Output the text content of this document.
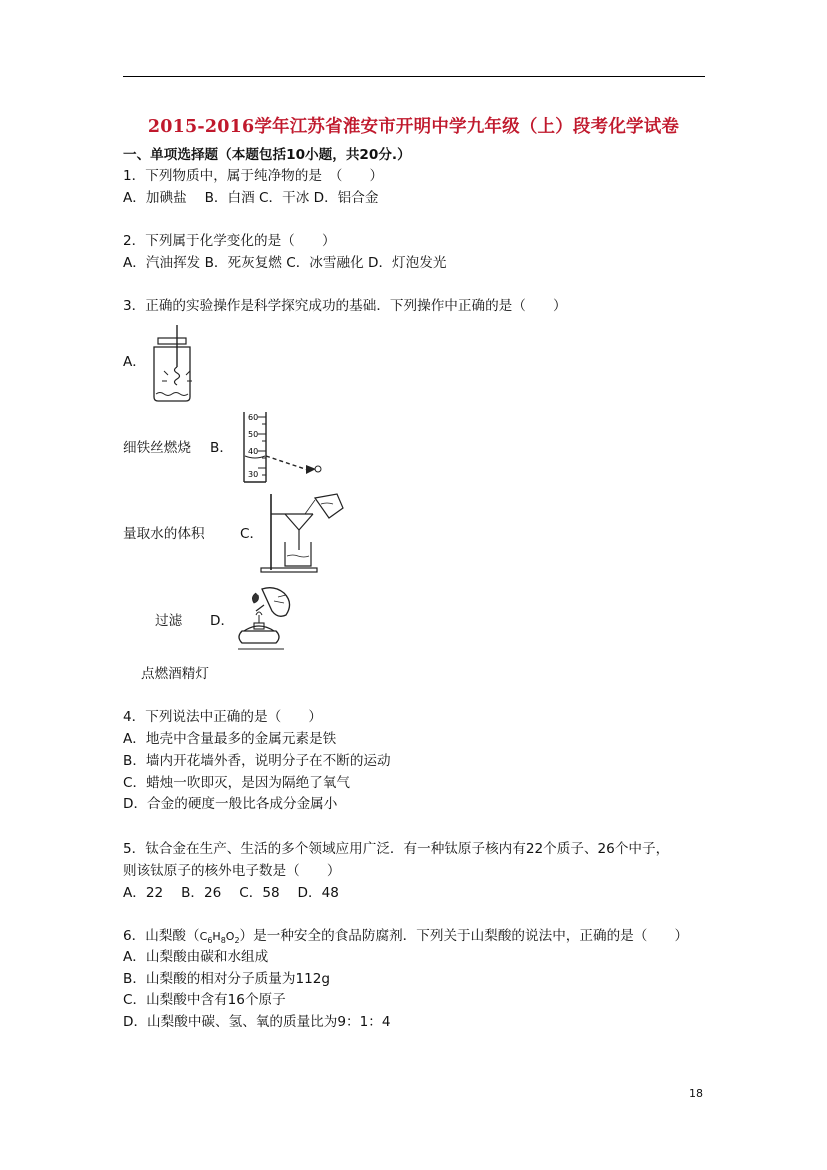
2015-2016学年江苏省淮安市开明中学九年级（上）段考化学试卷
一、单项选择题（本题包括10小题，共20分.）
1．下列物质中，属于纯净物的是　（　　）
A．加碘盐　 B．白酒 C．干冰 D．铝合金
2．下列属于化学变化的是（　　）
A．汽油挥发 B．死灰复燃 C．冰雪融化 D．灯泡发光
3．正确的实验操作是科学探究成功的基础．下列操作中正确的是（　　）
A．
细铁丝燃烧 B．
60
50
40
30
量取水的体积	C．
过滤 D．
点燃酒精灯
4．下列说法中正确的是（　　）
A．地壳中含量最多的金属元素是铁
B．墙内开花墙外香，说明分子在不断的运动
C．蜡烛一吹即灭，是因为隔绝了氧气
D．合金的硬度一般比各成分金属小
5．钛合金在生产、生活的多个领域应用广泛．有一种钛原子核内有22个质子、26个中子，
则该钛原子的核外电子数是（　　）
A．22　 B．26　 C．58　 D．48
6．山梨酸$(C_6H_8O_2)$是一种安全的食品防腐剂．下列关于山梨酸的说法中，正确的是（　　）
A．山梨酸由碳和水组成
B．山梨酸的相对分子质量为112g
C．山梨酸中含有16个原子
D．山梨酸中碳、氢、氧的质量比为9：1：4
18
